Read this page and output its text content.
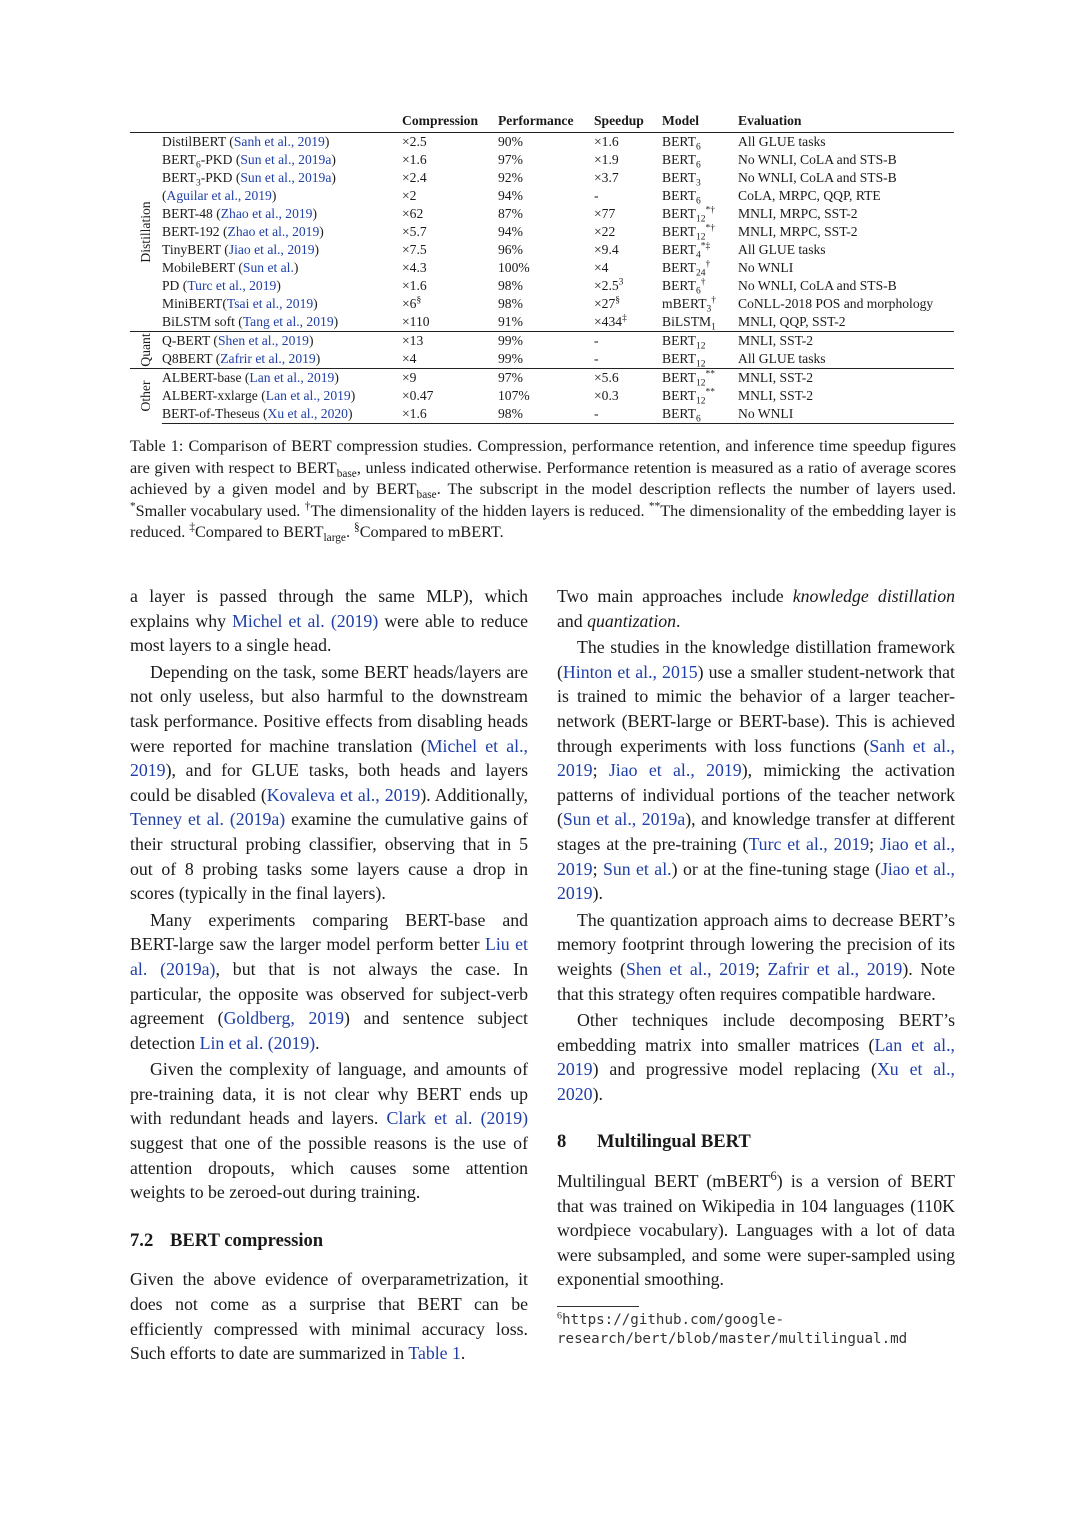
		Compression	Performance	Speedup	Model	Evaluation

Distillation	DistilBERT (Sanh et al., 2019)	×2.5	90%	×1.6	$BERT_6$	All GLUE tasks
	$BERT_6$-PKD (Sun et al., 2019a)	×1.6	97%	×1.9	$BERT_6$	No WNLI, CoLA and STS-B
	$BERT_3$-PKD (Sun et al., 2019a)	×2.4	92%	×3.7	$BERT_3$	No WNLI, CoLA and STS-B
	(Aguilar et al., 2019)	×2	94%	-	$BERT_6$	CoLA, MRPC, QQP, RTE
	BERT-48 (Zhao et al., 2019)	×62	87%	×77	$BERT_{12}^{*\dagger}$	MNLI, MRPC, SST-2
	BERT-192 (Zhao et al., 2019)	×5.7	94%	×22	$BERT_{12}^{*\dagger}$	MNLI, MRPC, SST-2
	TinyBERT (Jiao et al., 2019)	×7.5	96%	×9.4	$BERT_4^{*\ddagger}$	All GLUE tasks
	MobileBERT (Sun et al.)	×4.3	100%	×4	$BERT_{24}^\dagger$	No WNLI
	PD (Turc et al., 2019)	×1.6	98%	$\times 2.5^3$	$BERT_6^\dagger$	No WNLI, CoLA and STS-B
	MiniBERT(Tsai et al., 2019)	×6§	98%	×27§	mBERT$_3$†	CoNLL-2018 POS and morphology
	BiLSTM soft (Tang et al., 2019)	×110	91%	×434‡	BiLSTM$_1$	MNLI, QQP, SST-2

Quant	Q-BERT (Shen et al., 2019)	×13	99%	-	$BERT_{12}$	MNLI, SST-2
	Q8BERT (Zafrir et al., 2019)	×4	99%	-	$BERT_{12}$	All GLUE tasks

Other	ALBERT-base (Lan et al., 2019)	×9	97%	×5.6	$BERT_{12}^{**}$	MNLI, SST-2
	ALBERT-xxlarge (Lan et al., 2019)	×0.47	107%	×0.3	$BERT_{12}^{**}$	MNLI, SST-2
	BERT-of-Theseus (Xu et al., 2020)	×1.6	98%	-	$BERT_6$	No WNLI

Table 1: Comparison of BERT compression studies. Compression, performance retention, and inference time speedup figures are given with respect to $BERT_{base}$, unless indicated otherwise. Performance retention is measured as a ratio of average scores achieved by a given model and by $BERT_{base}$. The subscript in the model description reflects the number of layers used. *Smaller vocabulary used. †The dimensionality of the hidden layers is reduced. **The dimensionality of the embedding layer is reduced. ‡Compared to $BERT_{large}$. §Compared to mBERT.

a layer is passed through the same MLP), which explains why Michel et al. (2019) were able to reduce most layers to a single head.

Depending on the task, some BERT heads/layers are not only useless, but also harmful to the downstream task performance. Positive effects from disabling heads were reported for machine translation (Michel et al., 2019), and for GLUE tasks, both heads and layers could be disabled (Kovaleva et al., 2019). Additionally, Tenney et al. (2019a) examine the cumulative gains of their structural probing classifier, observing that in 5 out of 8 probing tasks some layers cause a drop in scores (typically in the final layers).

Many experiments comparing BERT-base and BERT-large saw the larger model perform better Liu et al. (2019a), but that is not always the case. In particular, the opposite was observed for subject-verb agreement (Goldberg, 2019) and sentence subject detection Lin et al. (2019).

Given the complexity of language, and amounts of pre-training data, it is not clear why BERT ends up with redundant heads and layers. Clark et al. (2019) suggest that one of the possible reasons is the use of attention dropouts, which causes some attention weights to be zeroed-out during training.

7.2 BERT compression

Given the above evidence of overparametrization, it does not come as a surprise that BERT can be efficiently compressed with minimal accuracy loss. Such efforts to date are summarized in Table 1.

Two main approaches include knowledge distillation and quantization.

The studies in the knowledge distillation framework (Hinton et al., 2015) use a smaller student-network that is trained to mimic the behavior of a larger teacher-network (BERT-large or BERT-base). This is achieved through experiments with loss functions (Sanh et al., 2019; Jiao et al., 2019), mimicking the activation patterns of individual portions of the teacher network (Sun et al., 2019a), and knowledge transfer at different stages at the pre-training (Turc et al., 2019; Jiao et al., 2019; Sun et al.) or at the fine-tuning stage (Jiao et al., 2019).

The quantization approach aims to decrease BERT’s memory footprint through lowering the precision of its weights (Shen et al., 2019; Zafrir et al., 2019). Note that this strategy often requires compatible hardware.

Other techniques include decomposing BERT’s embedding matrix into smaller matrices (Lan et al., 2019) and progressive model replacing (Xu et al., 2020).

8 Multilingual BERT

Multilingual BERT (mBERT$^6$) is a version of BERT that was trained on Wikipedia in 104 languages (110K wordpiece vocabulary). Languages with a lot of data were subsampled, and some were super-sampled using exponential smoothing.

$^6$https://github.com/google-research/bert/blob/master/multilingual.md
